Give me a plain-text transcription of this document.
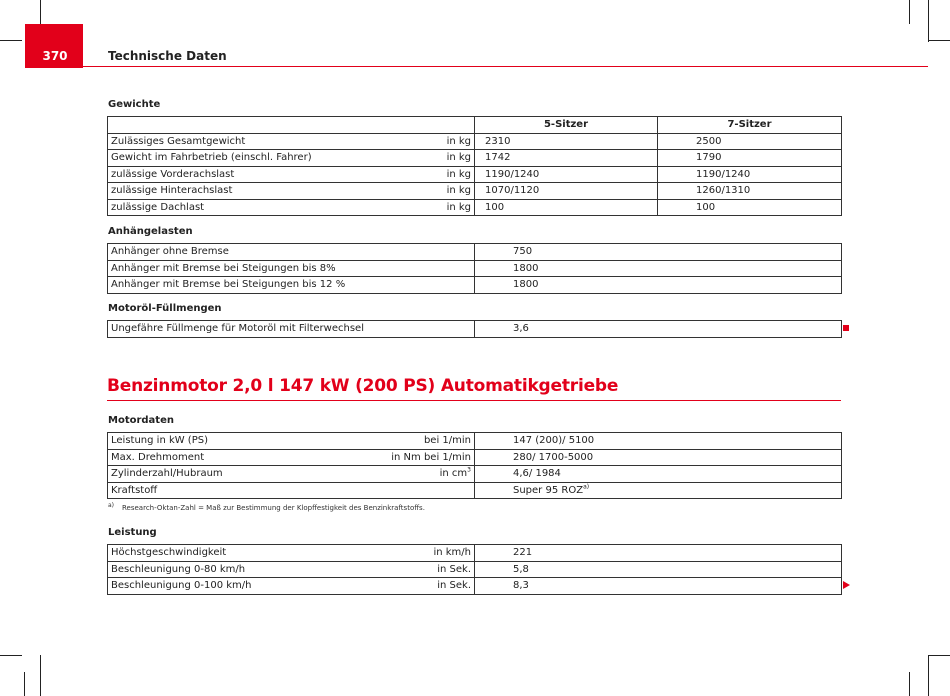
370	Technische Daten
Gewichte
		5-Sitzer	7-Sitzer
Zulässiges Gesamtgewicht	in kg	2310	2500
Gewicht im Fahrbetrieb (einschl. Fahrer)	in kg	1742	1790
zulässige Vorderachslast	in kg	1190/1240	1190/1240
zulässige Hinterachslast	in kg	1070/1120	1260/1310
zulässige Dachlast	in kg	100	100
Anhängelasten
Anhänger ohne Bremse	750
Anhänger mit Bremse bei Steigungen bis 8%	1800
Anhänger mit Bremse bei Steigungen bis 12 %	1800
Motoröl-Füllmengen
Ungefähre Füllmenge für Motoröl mit Filterwechsel	3,6
Benzinmotor 2,0 l 147 kW (200 PS) Automatikgetriebe
Motordaten
Leistung in kW (PS)	bei 1/min	147 (200)/ 5100
Max. Drehmoment	in Nm bei 1/min	280/ 1700-5000
Zylinderzahl/Hubraum	in $cm^3$	4,6/ 1984
Kraftstoff		Super 95 ROZ$^{a)}$
a) Research-Oktan-Zahl = Maß zur Bestimmung der Klopffestigkeit des Benzinkraftstoffs.
Leistung
Höchstgeschwindigkeit	in km/h	221
Beschleunigung 0-80 km/h	in Sek.	5,8
Beschleunigung 0-100 km/h	in Sek.	8,3
